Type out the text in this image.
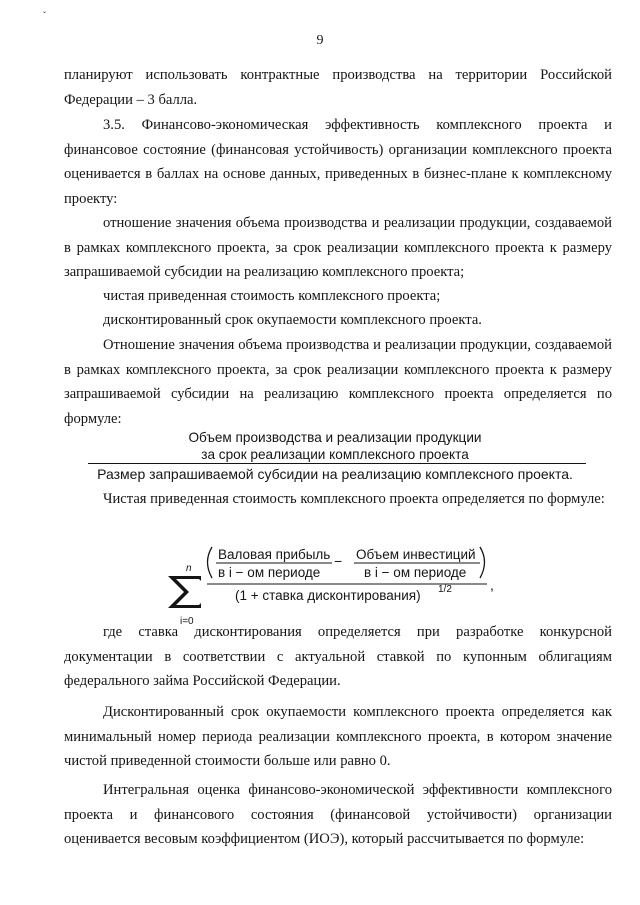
ˇ
9

планируют использовать контрактные производства на территории Российской Федерации – 3 балла.

3.5. Финансово-экономическая эффективность комплексного проекта и финансовое состояние (финансовая устойчивость) организации комплексного проекта оценивается в баллах на основе данных, приведенных в бизнес-плане к комплексному проекту:

отношение значения объема производства и реализации продукции, создаваемой в рамках комплексного проекта, за срок реализации комплексного проекта к размеру запрашиваемой субсидии на реализацию комплексного проекта;

чистая приведенная стоимость комплексного проекта;

дисконтированный срок окупаемости комплексного проекта.

Отношение значения объема производства и реализации продукции, создаваемой в рамках комплексного проекта, за срок реализации комплексного проекта к размеру запрашиваемой субсидии на реализацию комплексного проекта определяется по формуле:

Объем производства и реализации продукции
за срок реализации комплексного проекта
Размер запрашиваемой субсидии на реализацию комплексного проекта.

Чистая приведенная стоимость комплексного проекта определяется по формуле:

n
i=0
Валовая прибыль
в i − ом периоде
− Объем инвестиций
в i − ом периоде
(1 + ставка дисконтирования) 1/2	,

где ставка дисконтирования определяется при разработке конкурсной документации в соответствии с актуальной ставкой по купонным облигациям федерального займа Российской Федерации.

Дисконтированный срок окупаемости комплексного проекта определяется как минимальный номер периода реализации комплексного проекта, в котором значение чистой приведенной стоимости больше или равно 0.

Интегральная оценка финансово-экономической эффективности комплексного проекта и финансового состояния (финансовой устойчивости) организации оценивается весовым коэффициентом (ИОЭ), который рассчитывается по формуле:
